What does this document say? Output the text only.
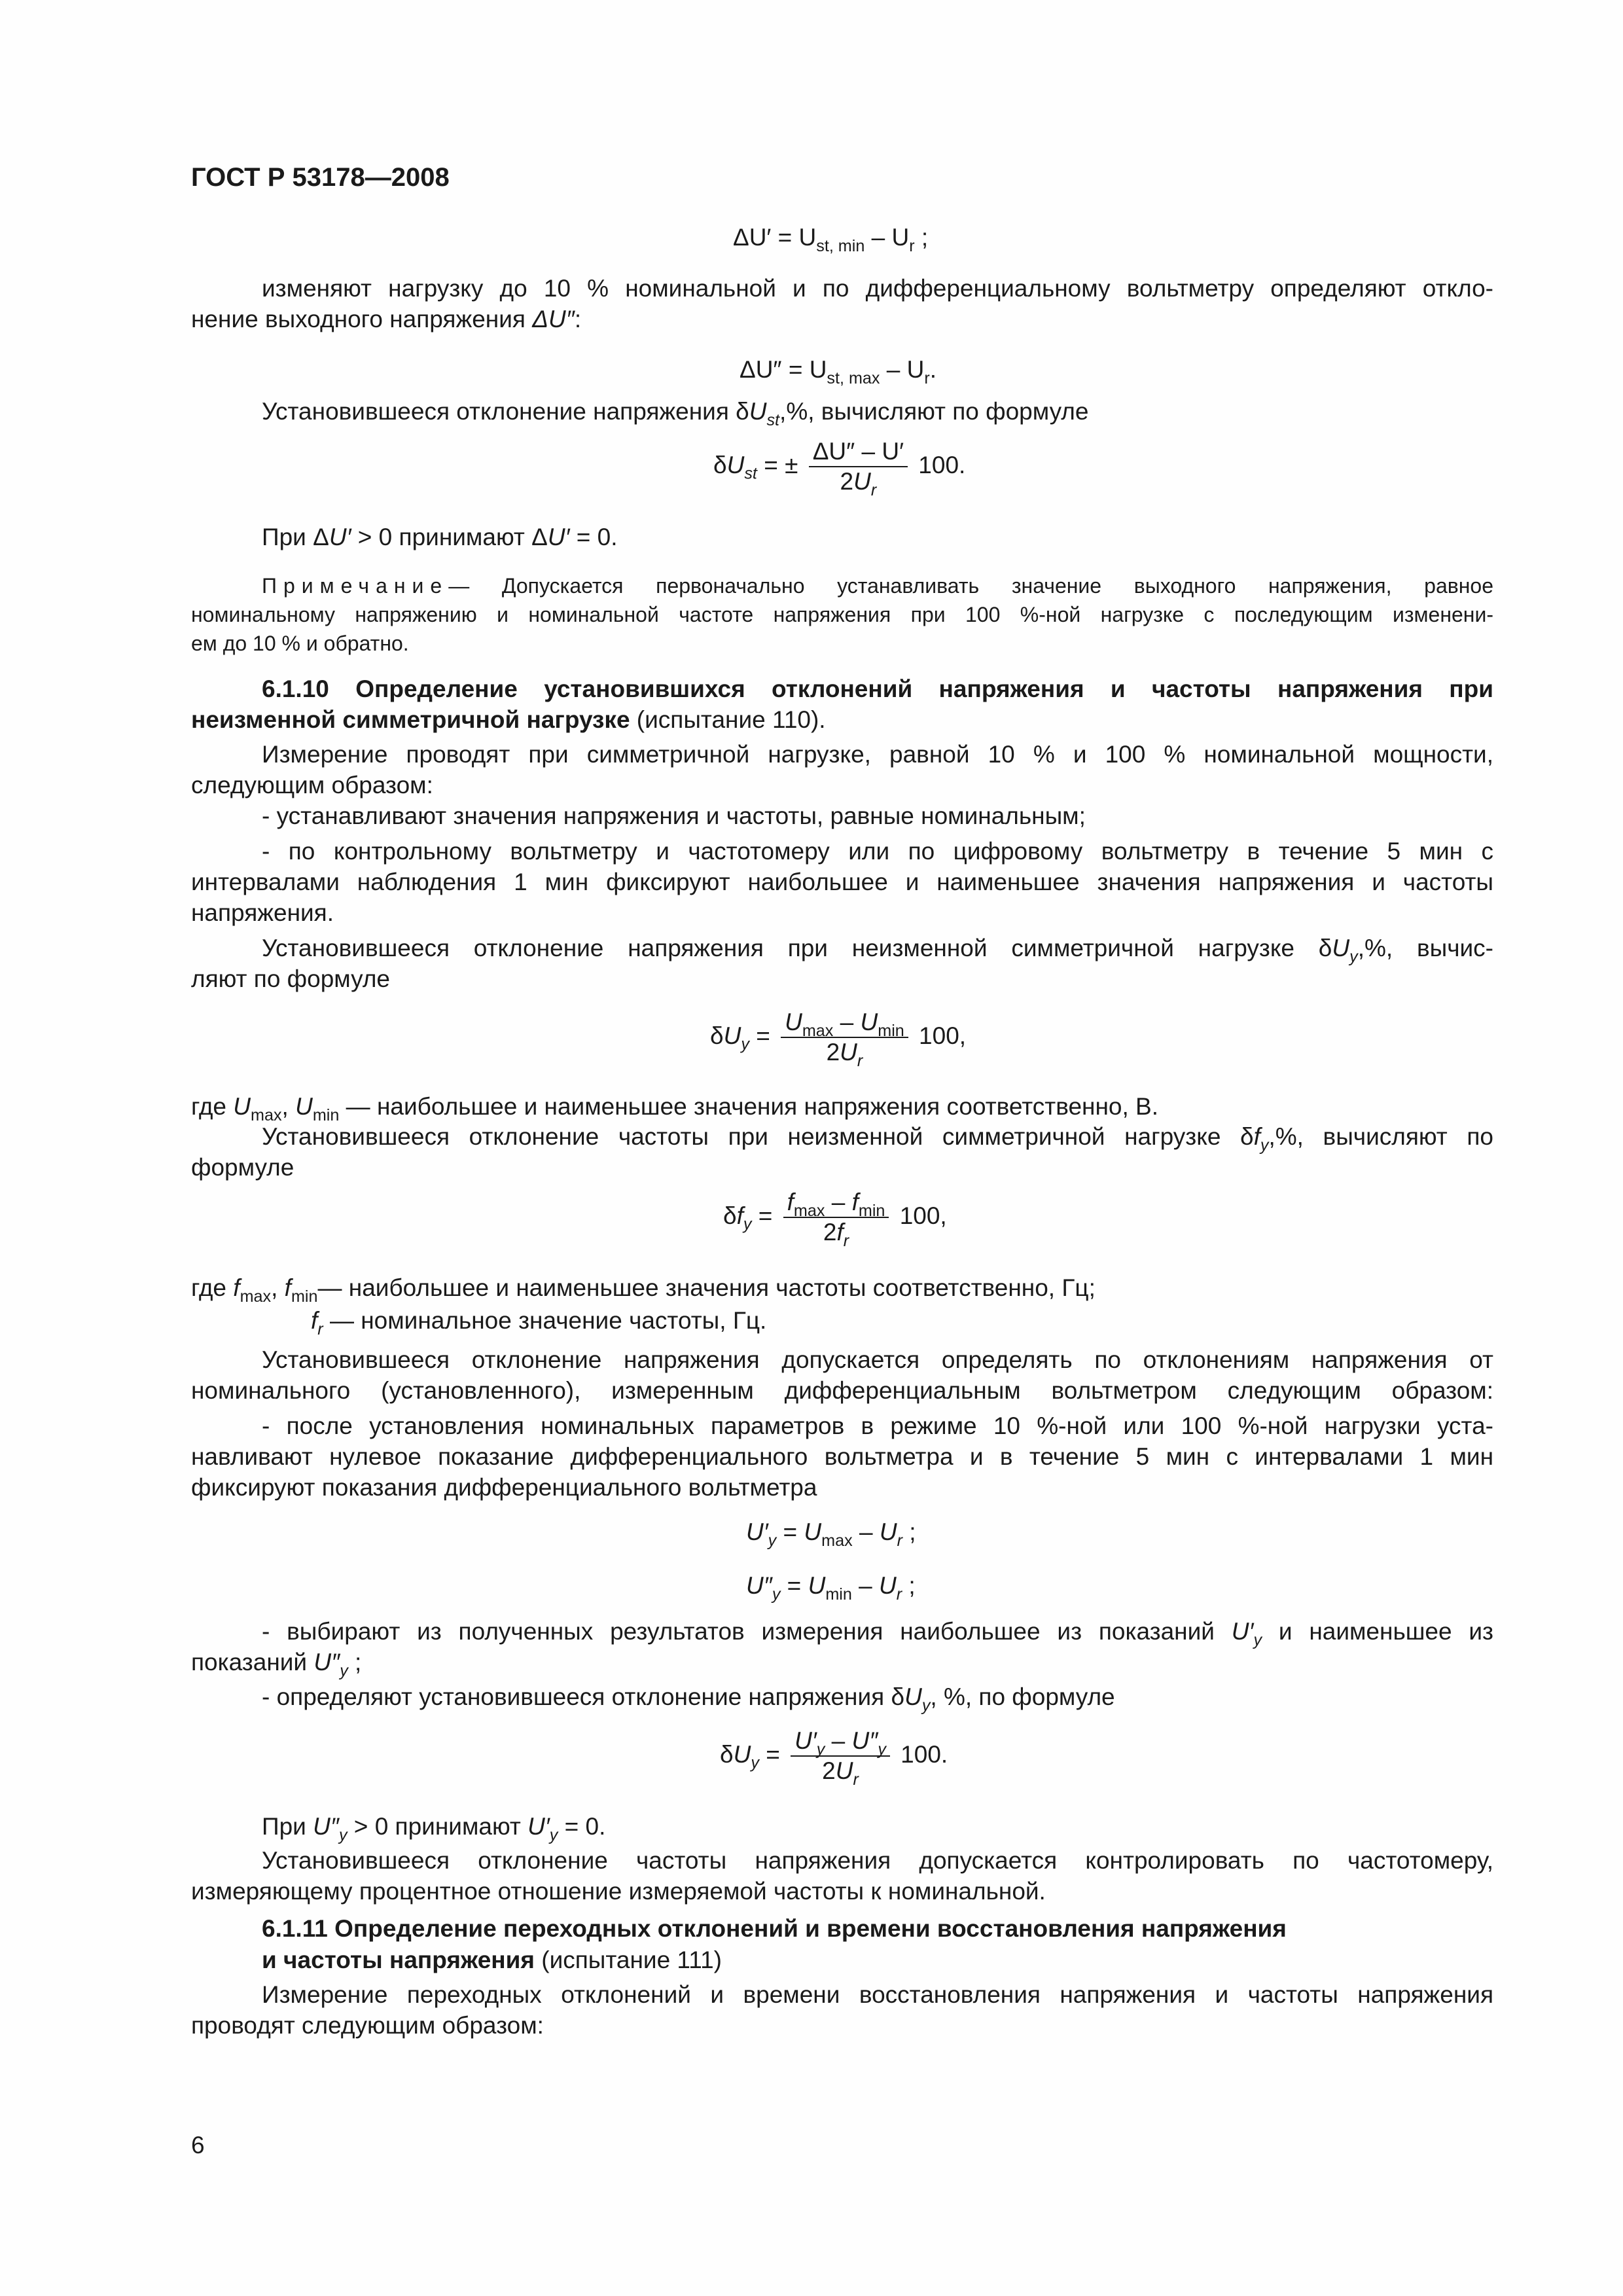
ГОСТ Р 53178—2008
$\Delta U' = U_{st, min} - U_r$ ;
изменяют нагрузку до 10 % номинальной и по дифференциальному вольтметру определяют откло-
нение выходного напряжения ΔU″:
$\Delta U'' = U_{st, max} - U_r$.
Установившееся отклонение напряжения $\delta U_{st},\%$, вычисляют по формуле
$\delta U_{st}$ = ± $\frac{\Delta U'' - U'}{2U_r} 100$.
При ΔU′ > 0 принимают ΔU′ = 0.
Примечание— Допускается первоначально устанавливать значение выходного напряжения, равное
номинальному напряжению и номинальной частоте напряжения при 100 %-ной нагрузке с последующим изменени-
ем до 10 % и обратно.
6.1.10 Определение установившихся отклонений напряжения и частоты напряжения при
неизменной симметричной нагрузке (испытание 110).
Измерение проводят при симметричной нагрузке, равной 10 % и 100 % номинальной мощности,
следующим образом:
- устанавливают значения напряжения и частоты, равные номинальным;
- по контрольному вольтметру и частотомеру или по цифровому вольтметру в течение 5 мин с
интервалами наблюдения 1 мин фиксируют наибольшее и наименьшее значения напряжения и частоты
напряжения.
Установившееся отклонение напряжения при неизменной симметричной нагрузке $\delta U_y,\%$, вычис-
ляют по формуле
$\delta U_y = \frac{U_{max} - U_{min}}{2U_r} 100$,
где $U_{max}$, $U_{min}$ — наибольшее и наименьшее значения напряжения соответственно, В.
Установившееся отклонение частоты при неизменной симметричной нагрузке $\delta f_y,\%$, вычисляют по
формуле
$\delta f_y = \frac{f_{max} - f_{min}}{2f_r} 100$,
где $f_{max}$, $f_{min}—$ наибольшее и наименьшее значения частоты соответственно, Гц;
$f_r$ — номинальное значение частоты, Гц.
Установившееся отклонение напряжения допускается определять по отклонениям напряжения от
номинального (установленного), измеренным дифференциальным вольтметром следующим образом:
- после установления номинальных параметров в режиме 10 %-ной или 100 %-ной нагрузки уста-
навливают нулевое показание дифференциального вольтметра и в течение 5 мин с интервалами 1 мин
фиксируют показания дифференциального вольтметра
$U'_y = U_{max} - U_r$ ;
$U''_y = U_{min} - U_r$ ;
- выбирают из полученных результатов измерения наибольшее из показаний $U'_y$ и наименьшее из
показаний $U''_y$ ;
- определяют установившееся отклонение напряжения $\delta U_y$, %, по формуле
$\delta U_y = \frac{U'_y - U''_y}{2U_r} 100$.
При $U''_y > 0$ принимают $U'_y = 0$.
Установившееся отклонение частоты напряжения допускается контролировать по частотомеру,
измеряющему процентное отношение измеряемой частоты к номинальной.
6.1.11 Определение переходных отклонений и времени восстановления напряжения
и частоты напряжения (испытание 111)
Измерение переходных отклонений и времени восстановления напряжения и частоты напряжения
проводят следующим образом:
6
